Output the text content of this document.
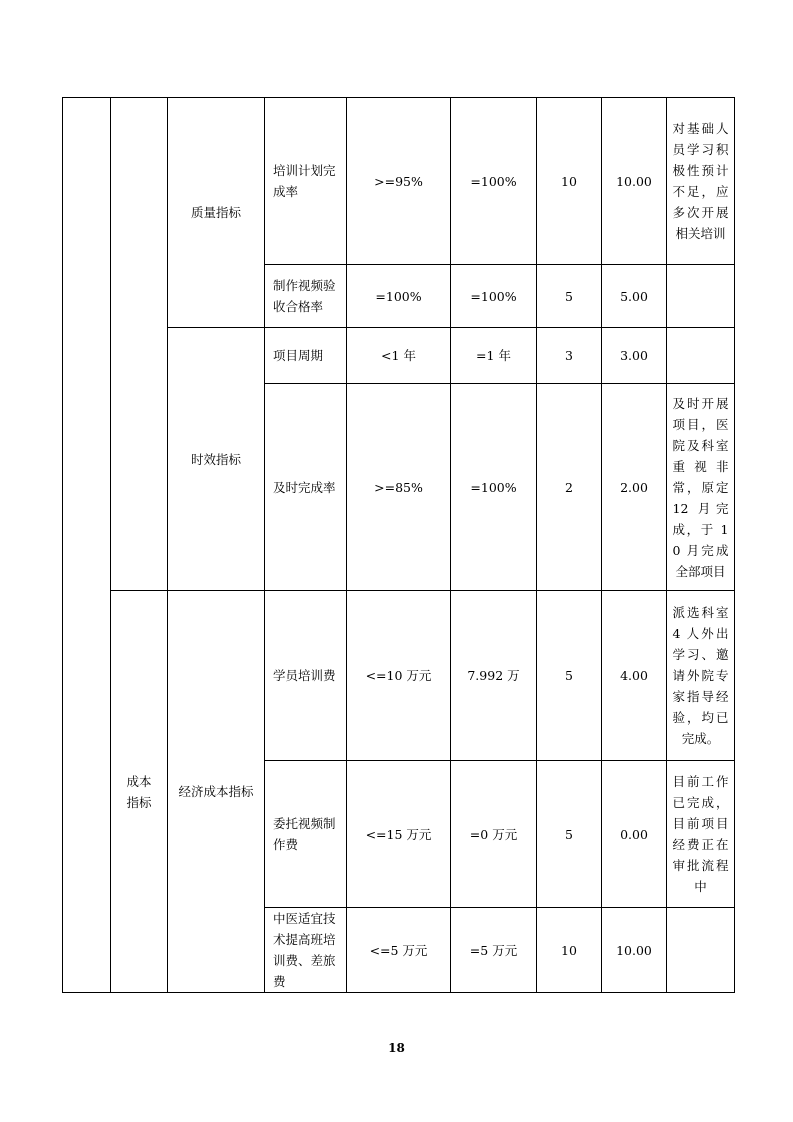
		质量指标	培训计划完成率	>=95%	=100%	10	10.00	对基础人员学习积极性预计不足，应多次开展相关培训
			制作视频验收合格率	=100%	=100%	5	5.00	
		时效指标	项目周期	<1 年	=1 年	3	3.00	
			及时完成率	>=85%	=100%	2	2.00	及时开展项目，医院及科室重视非常，原定 12 月完成，于 10 月完成全部项目
	成本指标	经济成本指标	学员培训费	<=10 万元	7.992 万	5	4.00	派选科室 4 人外出学习、邀请外院专家指导经验，均已完成。
			委托视频制作费	<=15 万元	=0 万元	5	0.00	目前工作已完成，目前项目经费正在审批流程中
			中医适宜技术提高班培训费、差旅费	<=5 万元	=5 万元	10	10.00	
18
